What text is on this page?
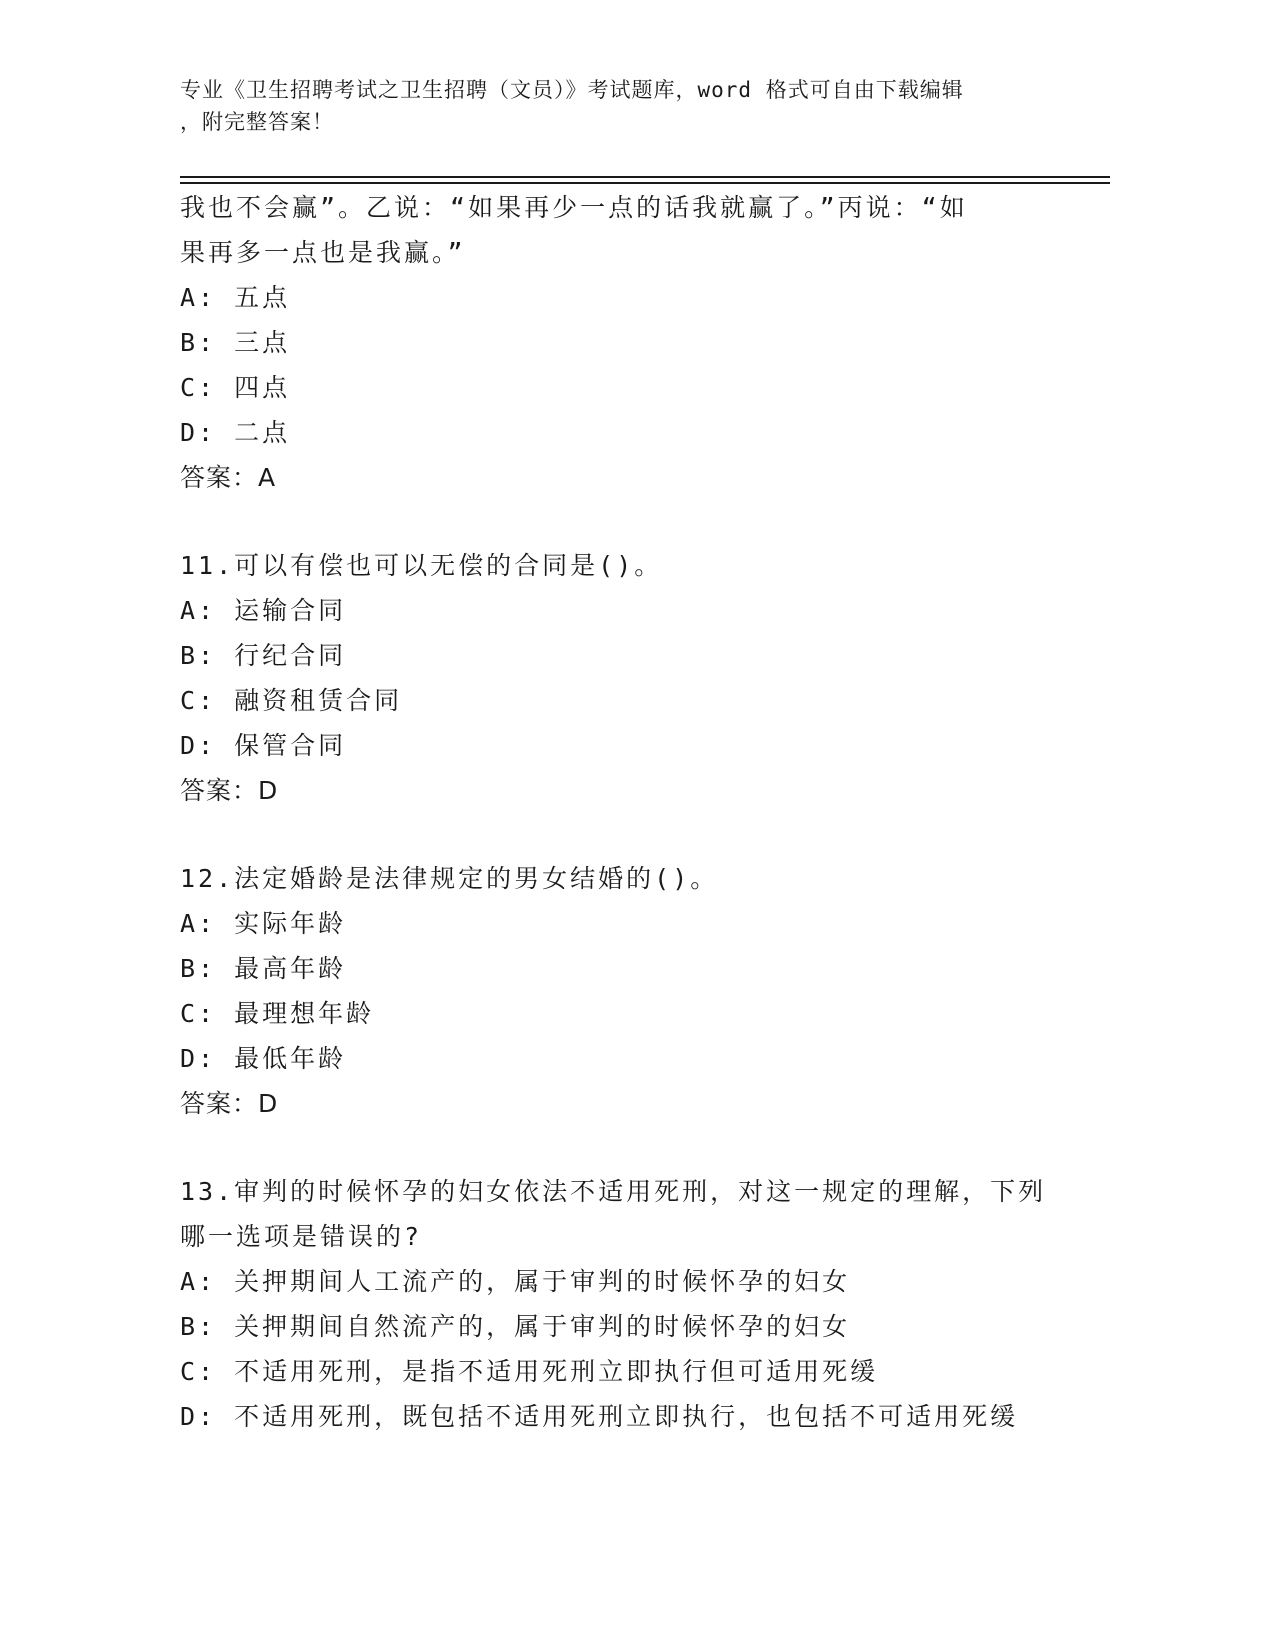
专业《卫生招聘考试之卫生招聘（文员）》考试题库，word 格式可自由下载编辑
，附完整答案！
我也不会赢”。乙说：“如果再少一点的话我就赢了。”丙说：“如
果再多一点也是我赢。”
A: 五点
B: 三点
C: 四点
D: 二点
答案：A
11.可以有偿也可以无偿的合同是()。
A: 运输合同
B: 行纪合同
C: 融资租赁合同
D: 保管合同
答案：D
12.法定婚龄是法律规定的男女结婚的()。
A: 实际年龄
B: 最高年龄
C: 最理想年龄
D: 最低年龄
答案：D
13.审判的时候怀孕的妇女依法不适用死刑，对这一规定的理解，下列
哪一选项是错误的?
A: 关押期间人工流产的，属于审判的时候怀孕的妇女
B: 关押期间自然流产的，属于审判的时候怀孕的妇女
C: 不适用死刑，是指不适用死刑立即执行但可适用死缓
D: 不适用死刑，既包括不适用死刑立即执行，也包括不可适用死缓
